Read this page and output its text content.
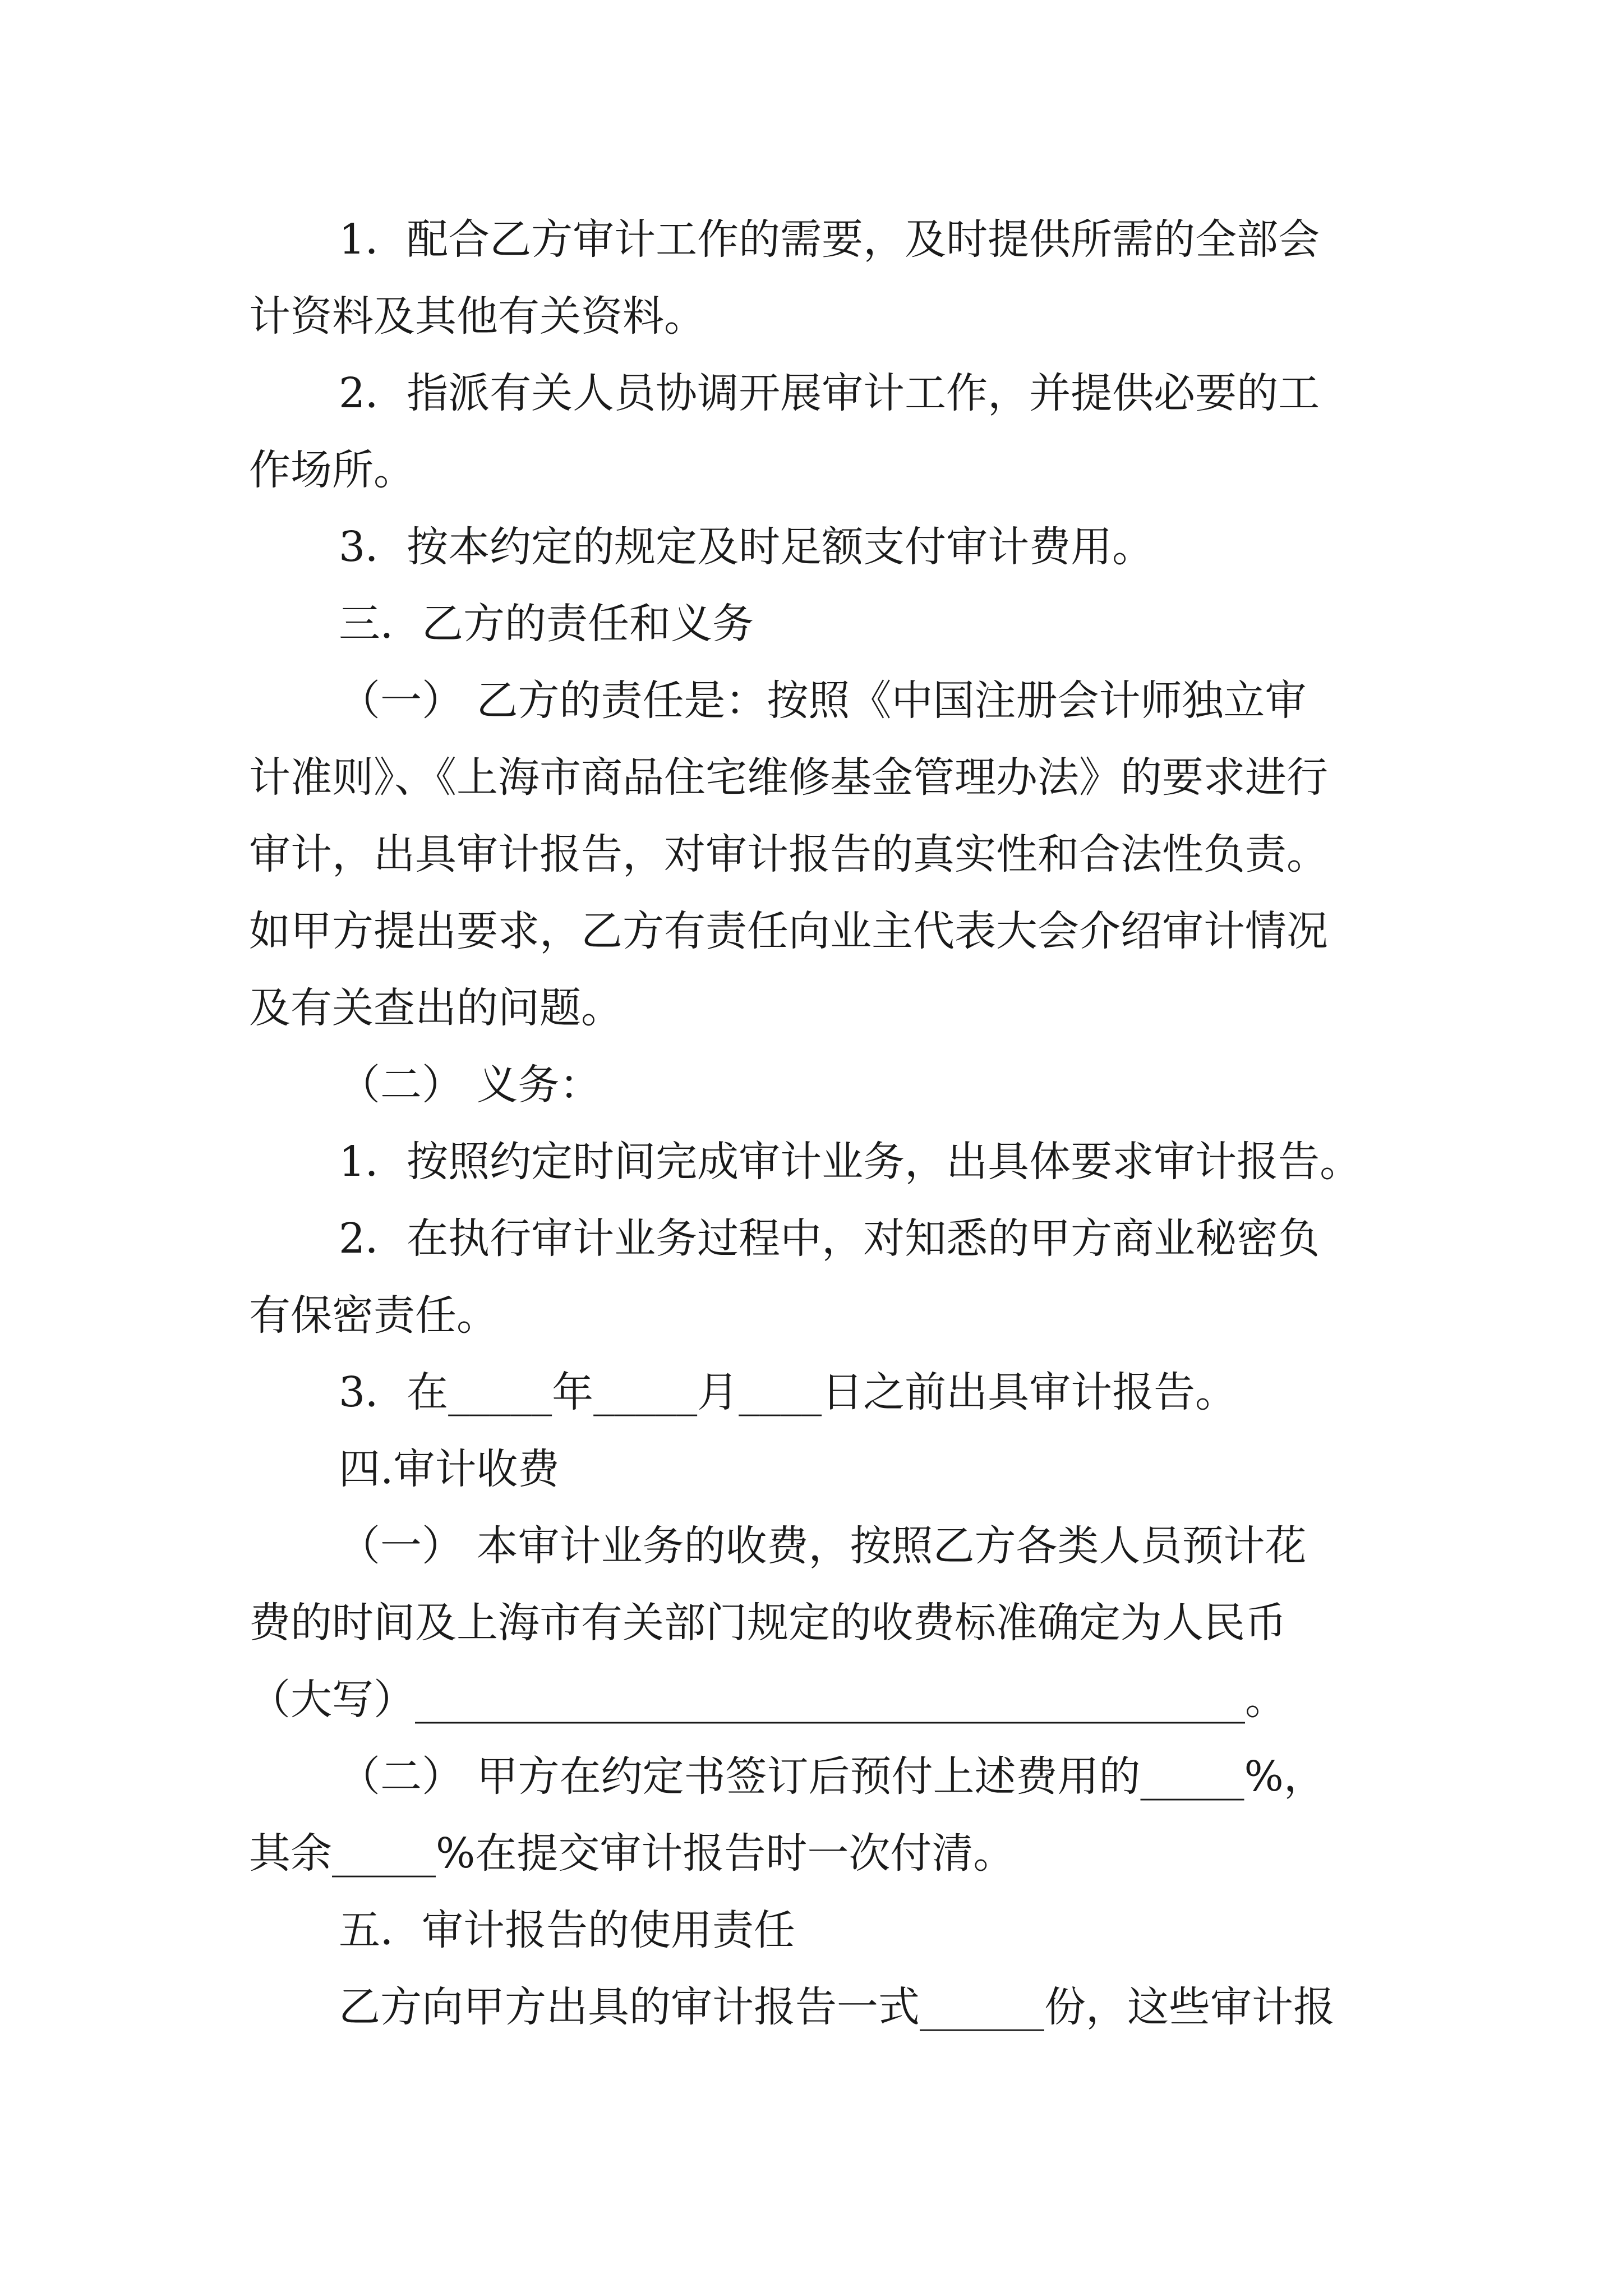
1．配合乙方审计工作的需要，及时提供所需的全部会
计资料及其他有关资料。
2．指派有关人员协调开展审计工作，并提供必要的工
作场所。
3．按本约定的规定及时足额支付审计费用。
三．乙方的责任和义务
（一） 乙方的责任是：按照《中国注册会计师独立审
计准则》、《上海市商品住宅维修基金管理办法》的要求进行
审计，出具审计报告，对审计报告的真实性和合法性负责。
如甲方提出要求，乙方有责任向业主代表大会介绍审计情况
及有关查出的问题。
（二） 义务：
1．按照约定时间完成审计业务，出具体要求审计报告。
2．在执行审计业务过程中，对知悉的甲方商业秘密负
有保密责任。
3．在_____年_____月____日之前出具审计报告。
四.审计收费
（一） 本审计业务的收费，按照乙方各类人员预计花
费的时间及上海市有关部门规定的收费标准确定为人民币
（大写）________________________________________。
（二） 甲方在约定书签订后预付上述费用的_____%，
其余_____%在提交审计报告时一次付清。
五．审计报告的使用责任
乙方向甲方出具的审计报告一式______份，这些审计报
